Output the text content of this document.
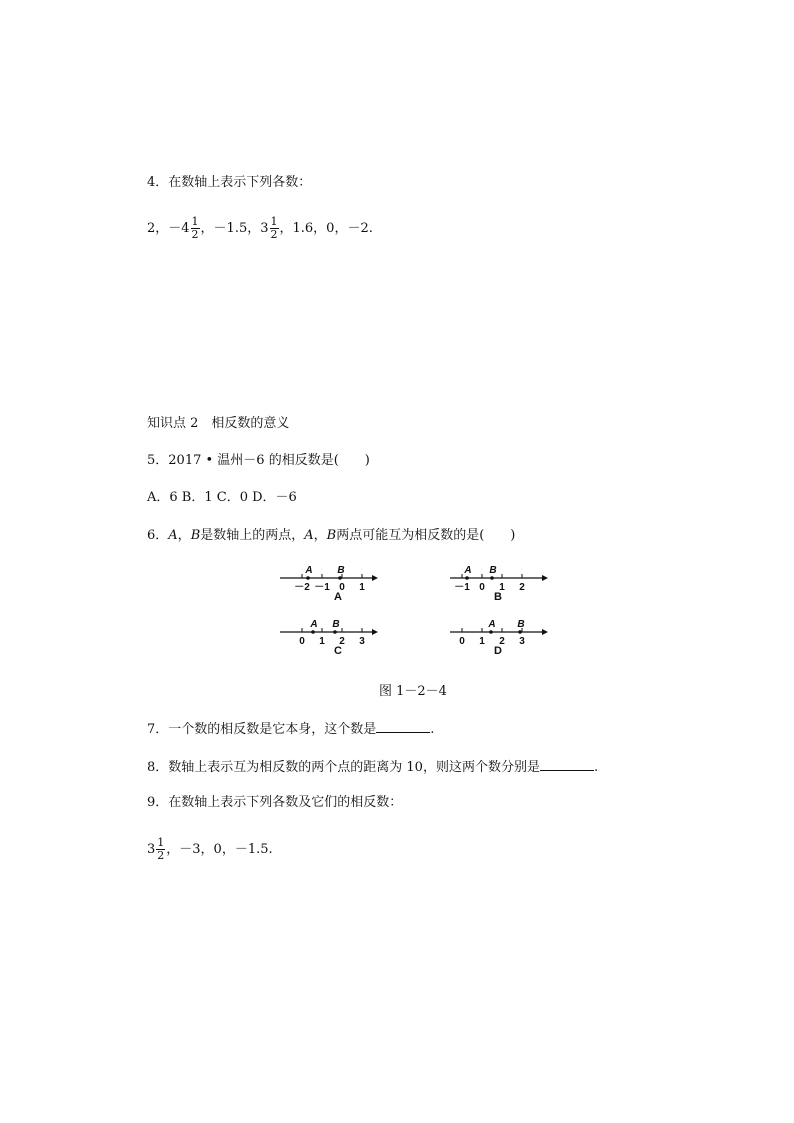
4．在数轴上表示下列各数：
2，$-4 \frac{1}{2}$ ，－1.5，$3 \frac{1}{2}$ ，1.6，0，－2.
知识点 2　相反数的意义
5．2017 • 温州－6 的相反数是(　　)
A．6 B．1 C．0 D．－6
6．A，B是数轴上的两点，A，B两点可能互为相反数的是(　　)
－2 －1 0 1
A B
A
－1 0 1 2
A B
B
0 1 2 3
A B
C
0 1 2 3
A B
D
图 1－2－4
7．一个数的相反数是它本身，这个数是	.
8．数轴上表示互为相反数的两个点的距离为 10，则这两个数分别是	.
9．在数轴上表示下列各数及它们的相反数：
$3 \frac{1}{2}$ ，－3，0，－1.5.
